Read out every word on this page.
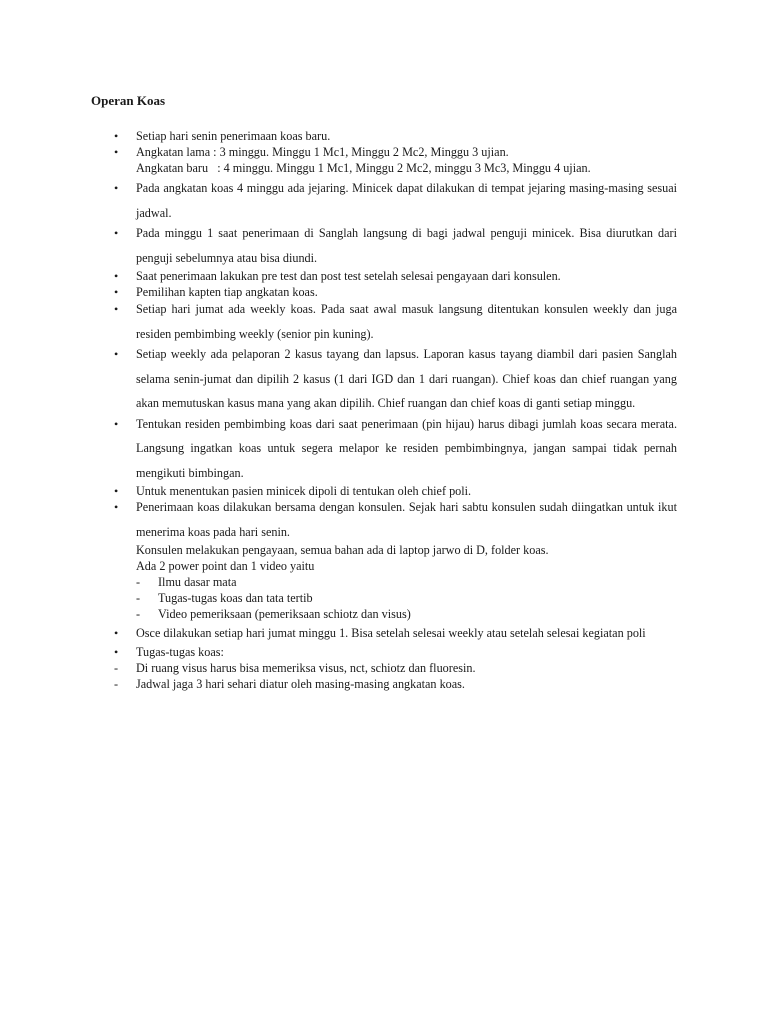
Operan Koas
• Setiap hari senin penerimaan koas baru.
• Angkatan lama : 3 minggu. Minggu 1 Mc1, Minggu 2 Mc2, Minggu 3 ujian.
Angkatan baru   : 4 minggu. Minggu 1 Mc1, Minggu 2 Mc2, minggu 3 Mc3, Minggu 4 ujian.
• Pada angkatan koas 4 minggu ada jejaring. Minicek dapat dilakukan di tempat jejaring masing-masing sesuai jadwal.
• Pada minggu 1 saat penerimaan di Sanglah langsung di bagi jadwal penguji minicek. Bisa diurutkan dari penguji sebelumnya atau bisa diundi.
• Saat penerimaan lakukan pre test dan post test setelah selesai pengayaan dari konsulen.
• Pemilihan kapten tiap angkatan koas.
• Setiap hari jumat ada weekly koas. Pada saat awal masuk langsung ditentukan konsulen weekly dan juga residen pembimbing weekly (senior pin kuning).
• Setiap weekly ada pelaporan 2 kasus tayang dan lapsus. Laporan kasus tayang diambil dari pasien Sanglah selama senin-jumat dan dipilih 2 kasus (1 dari IGD dan 1 dari ruangan). Chief koas dan chief ruangan yang akan memutuskan kasus mana yang akan dipilih. Chief ruangan dan chief koas di ganti setiap minggu.
• Tentukan residen pembimbing koas dari saat penerimaan (pin hijau) harus dibagi jumlah koas secara merata. Langsung ingatkan koas untuk segera melapor ke residen pembimbingnya, jangan sampai tidak pernah mengikuti bimbingan.
• Untuk menentukan pasien minicek dipoli di tentukan oleh chief poli.
• Penerimaan koas dilakukan bersama dengan konsulen. Sejak hari sabtu konsulen sudah diingatkan untuk ikut menerima koas pada hari senin.
Konsulen melakukan pengayaan, semua bahan ada di laptop jarwo di D, folder koas.
Ada 2 power point dan 1 video yaitu
- Ilmu dasar mata
- Tugas-tugas koas dan tata tertib
- Video pemeriksaan (pemeriksaan schiotz dan visus)
• Osce dilakukan setiap hari jumat minggu 1. Bisa setelah selesai weekly atau setelah selesai kegiatan poli
• Tugas-tugas koas:
- Di ruang visus harus bisa memeriksa visus, nct, schiotz dan fluoresin.
- Jadwal jaga 3 hari sehari diatur oleh masing-masing angkatan koas.
